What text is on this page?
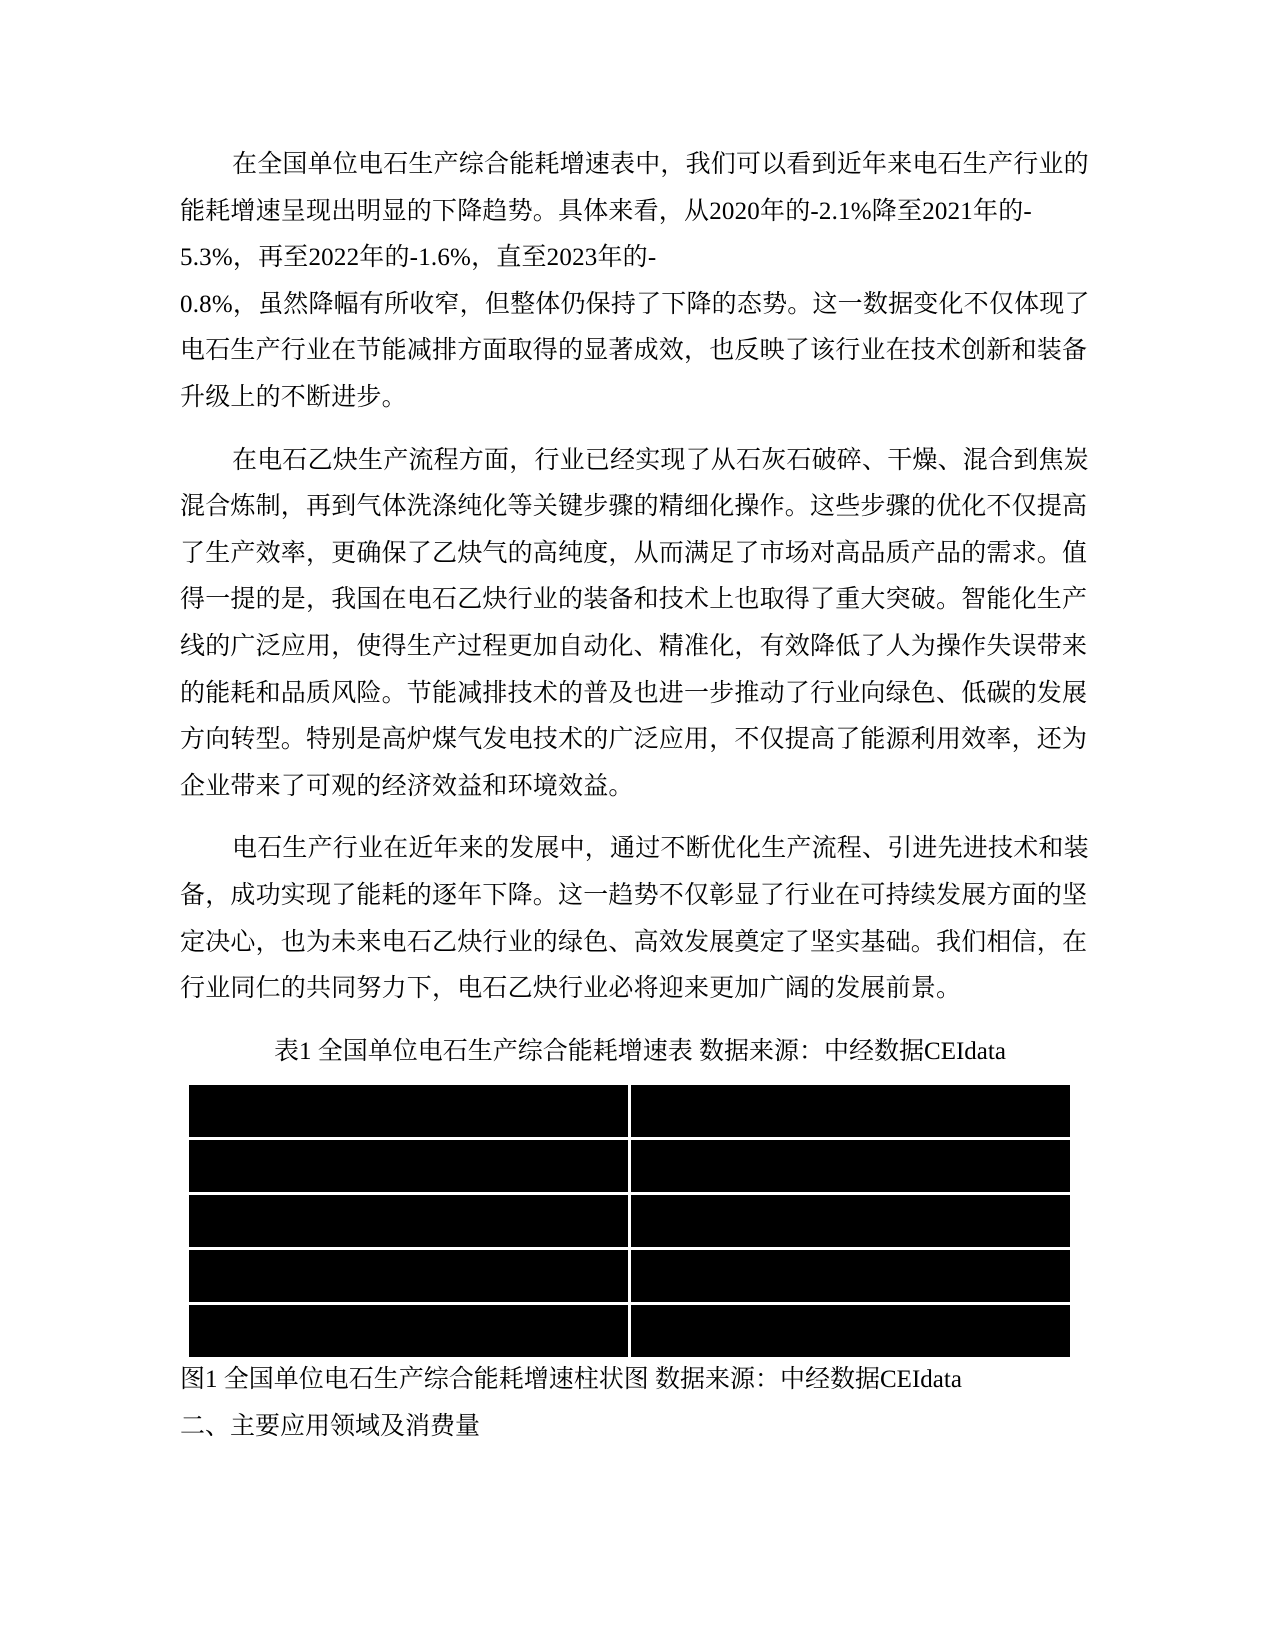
在全国单位电石生产综合能耗增速表中，我们可以看到近年来电石生产行业的
能耗增速呈现出明显的下降趋势。具体来看，从2020年的-2.1%降至2021年的-
5.3%，再至2022年的-1.6%，直至2023年的-
0.8%，虽然降幅有所收窄，但整体仍保持了下降的态势。这一数据变化不仅体现了
电石生产行业在节能减排方面取得的显著成效，也反映了该行业在技术创新和装备
升级上的不断进步。
在电石乙炔生产流程方面，行业已经实现了从石灰石破碎、干燥、混合到焦炭
混合炼制，再到气体洗涤纯化等关键步骤的精细化操作。这些步骤的优化不仅提高
了生产效率，更确保了乙炔气的高纯度，从而满足了市场对高品质产品的需求。值
得一提的是，我国在电石乙炔行业的装备和技术上也取得了重大突破。智能化生产
线的广泛应用，使得生产过程更加自动化、精准化，有效降低了人为操作失误带来
的能耗和品质风险。节能减排技术的普及也进一步推动了行业向绿色、低碳的发展
方向转型。特别是高炉煤气发电技术的广泛应用，不仅提高了能源利用效率，还为
企业带来了可观的经济效益和环境效益。
电石生产行业在近年来的发展中，通过不断优化生产流程、引进先进技术和装
备，成功实现了能耗的逐年下降。这一趋势不仅彰显了行业在可持续发展方面的坚
定决心，也为未来电石乙炔行业的绿色、高效发展奠定了坚实基础。我们相信，在
行业同仁的共同努力下，电石乙炔行业必将迎来更加广阔的发展前景。
表1 全国单位电石生产综合能耗增速表 数据来源：中经数据CEIdata
图1 全国单位电石生产综合能耗增速柱状图 数据来源：中经数据CEIdata
二、主要应用领域及消费量
